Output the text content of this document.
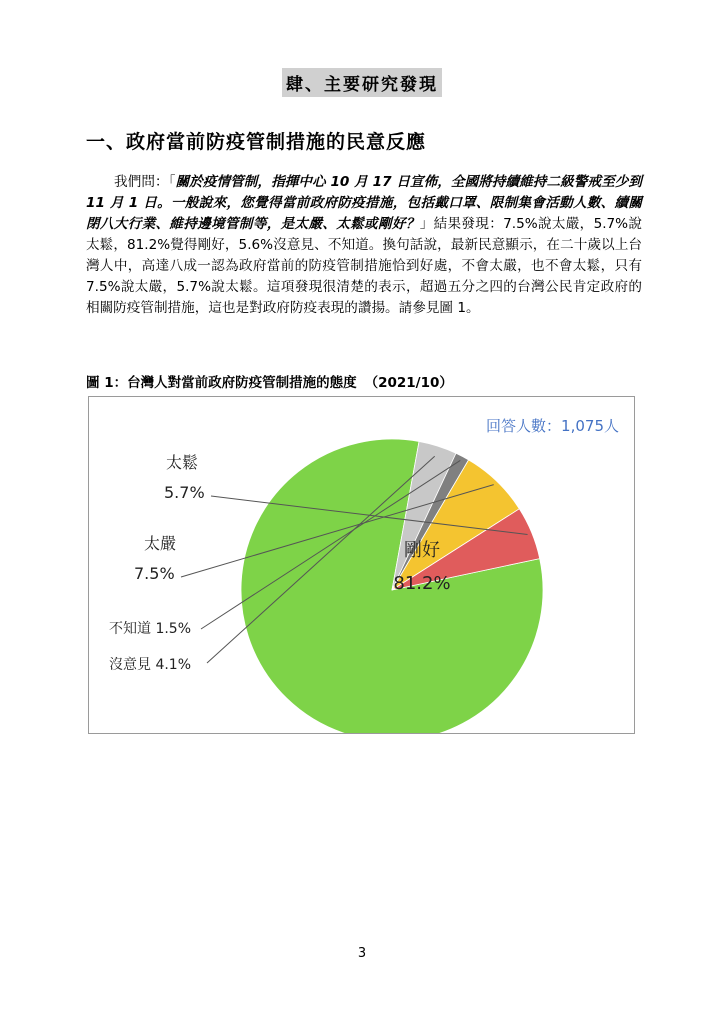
肆、主要研究發現
一、政府當前防疫管制措施的民意反應
我們問：「關於疫情管制，指揮中心 10 月 17 日宣佈，全國將持續維持二級警戒至少到 11 月 1 日。一般說來，您覺得當前政府防疫措施，包括戴口罩、限制集會活動人數、續關閉八大行業、維持邊境管制等，是太嚴、太鬆或剛好？」結果發現：7.5%說太嚴，5.7%說太鬆，81.2%覺得剛好，5.6%沒意見、不知道。換句話說，最新民意顯示，在二十歲以上台灣人中，高達八成一認為政府當前的防疫管制措施恰到好處，不會太嚴，也不會太鬆，只有 7.5%說太嚴，5.7%說太鬆。這項發現很清楚的表示，超過五分之四的台灣公民肯定政府的相關防疫管制措施，這也是對政府防疫表現的讚揚。請參見圖 1。
圖 1：台灣人對當前政府防疫管制措施的態度 （2021/10）
剛好
81.2%
沒意見 4.1%
不知道 1.5%
太嚴
7.5%
太鬆
5.7%
回答人數：1,075人
3
